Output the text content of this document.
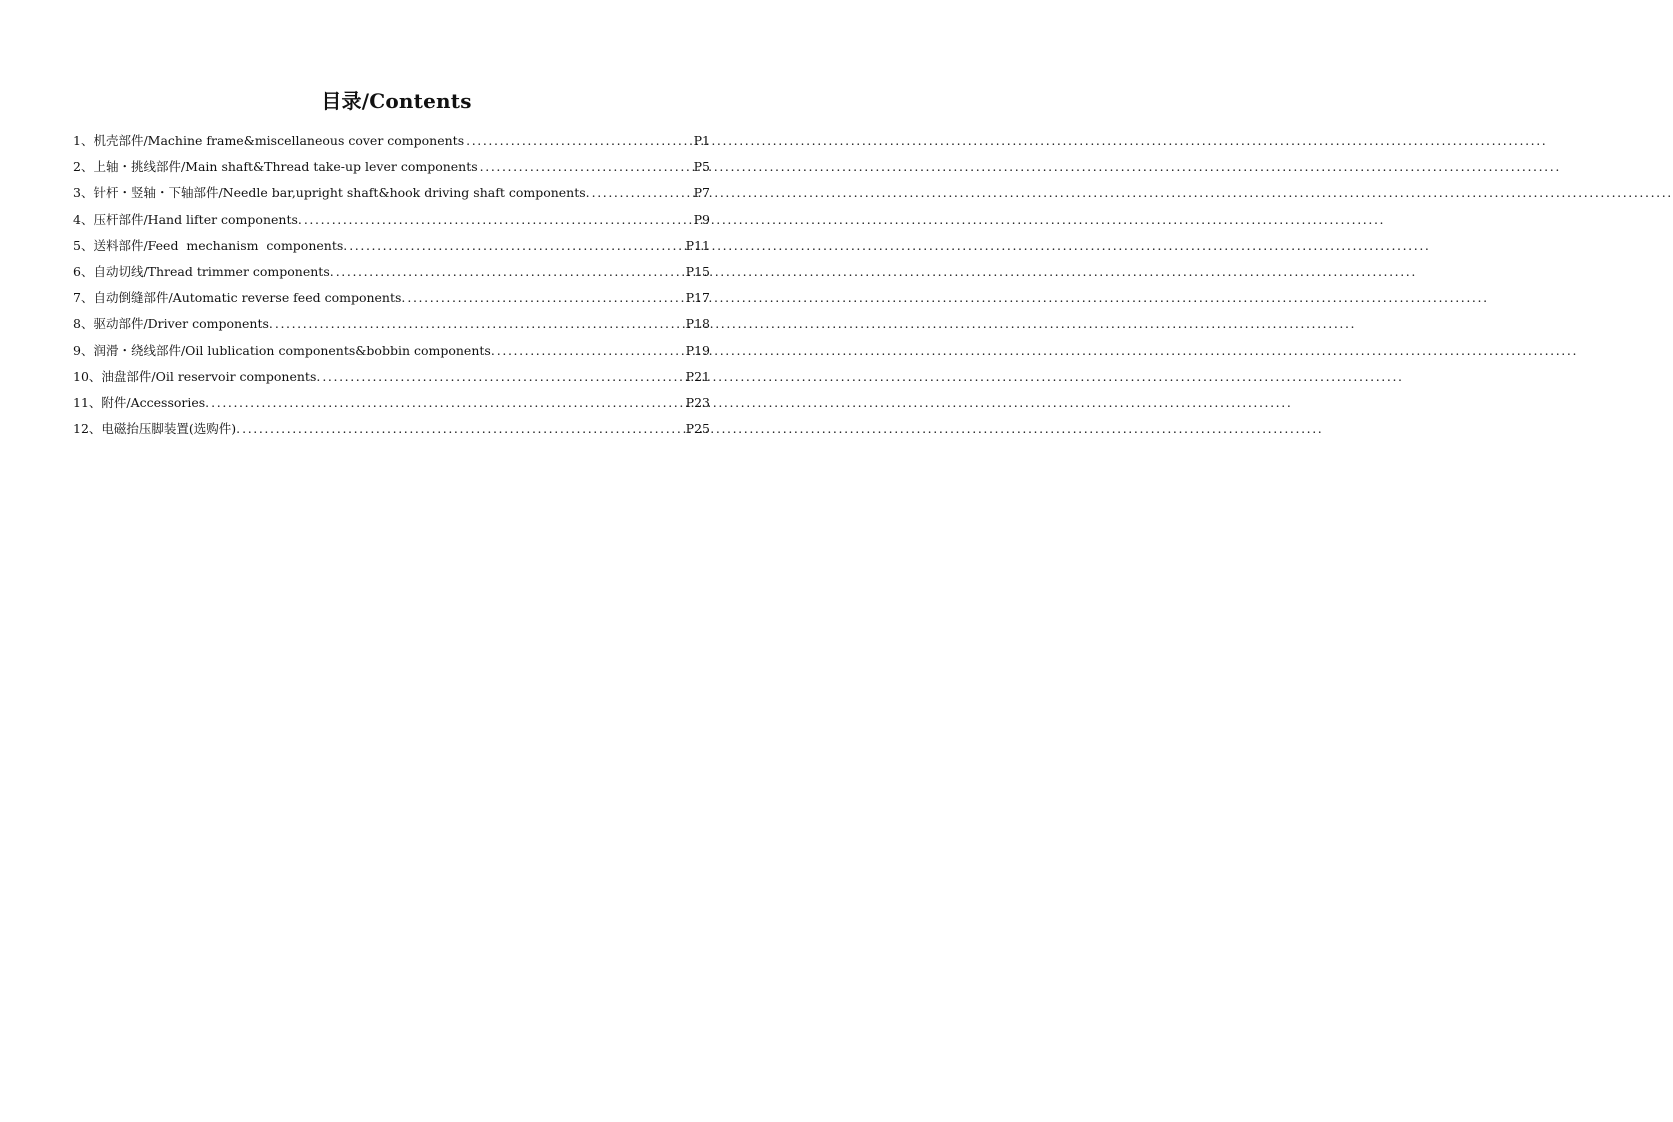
目录/Contents
1、 机壳部件/Machine frame&miscellaneous cover components .....	P1
2、 上轴・挑线部件/Main shaft&Thread take-up lever components .....	P5
3、 针杆・竖轴・下轴部件/Needle bar,upright shaft&hook driving shaft components. .....	P7
4、 压杆部件/Hand lifter components. .....	P9
5、 送料部件/Feed  mechanism  components. .....	P11
6、 自动切线/Thread trimmer components. .....	P15
7、 自动倒缝部件/Automatic reverse feed components. .....	P17
8、 驱动部件/Driver components. .....	P18
9、 润滑・绕线部件/Oil lublication components&bobbin components. .....	P19
10、 油盘部件/Oil reservoir components. .....	P21
11、 附件/Accessories. .....	P23
12、 电磁抬压脚装置(选购件). .....	P25
